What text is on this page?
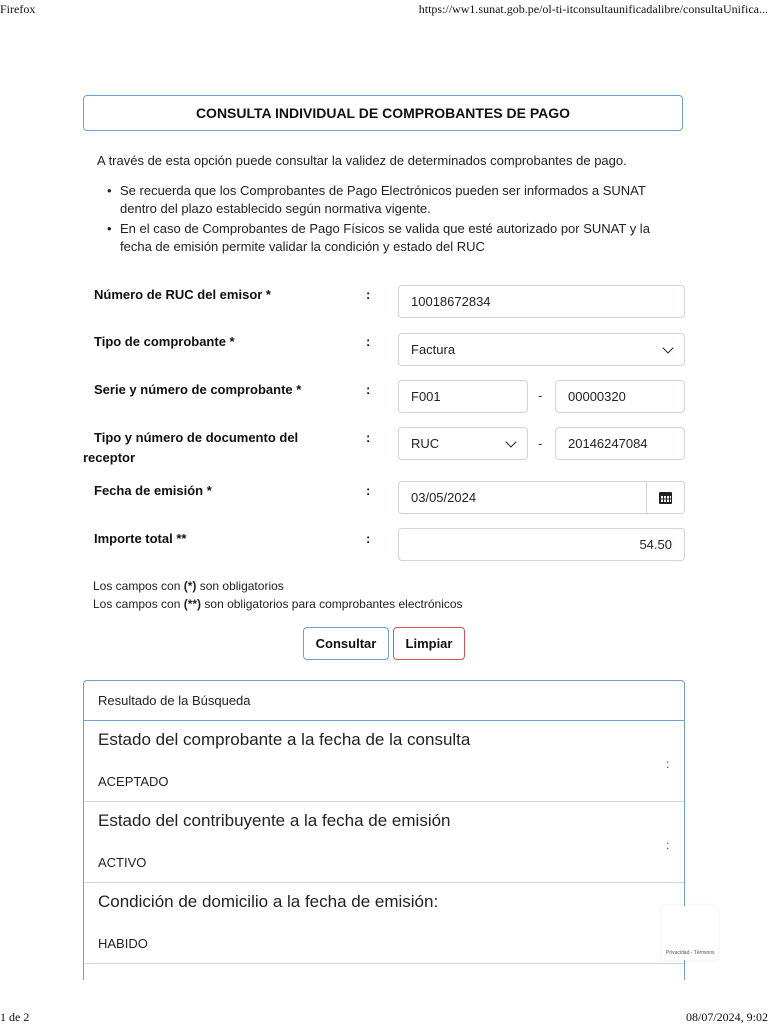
Firefox	https://ww1.sunat.gob.pe/ol-ti-itconsultaunificadalibre/consultaUnifica...
CONSULTA INDIVIDUAL DE COMPROBANTES DE PAGO
A través de esta opción puede consultar la validez de determinados comprobantes de pago.
• Se recuerda que los Comprobantes de Pago Electrónicos pueden ser informados a SUNAT dentro del plazo establecido según normativa vigente.
• En el caso de Comprobantes de Pago Físicos se valida que esté autorizado por SUNAT y la fecha de emisión permite validar la condición y estado del RUC
Número de RUC del emisor *	:	10018672834
Tipo de comprobante *	:
Factura
Serie y número de comprobante *	:	F001	- 00000320
Tipo y número de documento del receptor
:	RUC	- 20146247084
Fecha de emisión *	:	03/05/2024
Importe total **	:	54.50
Los campos con (*) son obligatorios
Los campos con (**) son obligatorios para comprobantes electrónicos
Consultar	Limpiar
Resultado de la Búsqueda
Estado del comprobante a la fecha de la consulta
:
ACEPTADO
Estado del contribuyente a la fecha de emisión
:
ACTIVO
Condición de domicilio a la fecha de emisión:
HABIDO
Privacidad - Términos
1 de 2	08/07/2024, 9:02
